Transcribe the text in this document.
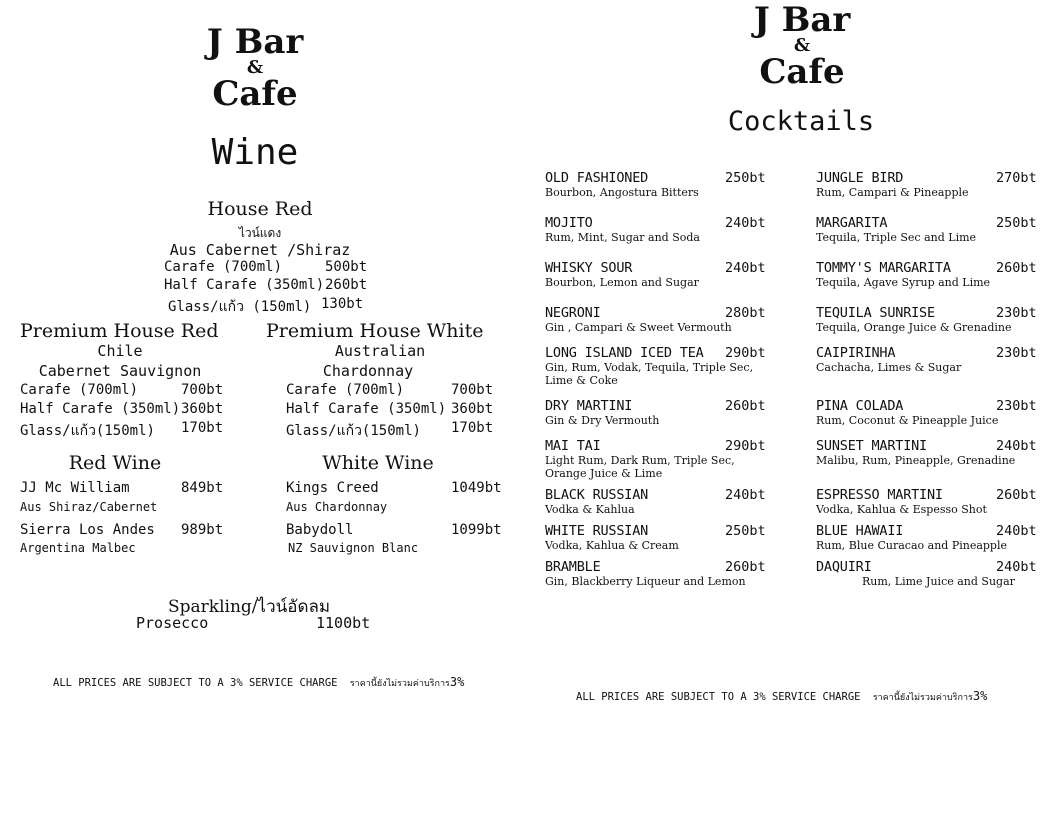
J Bar
&
Cafe
Wine
House Red
ไวน์แดง
Aus Cabernet /Shiraz
Carafe (700ml)	500bt
Half Carafe (350ml) 260bt
Glass/แก้ว (150ml) 130bt
Premium House Red
Chile
Cabernet Sauvignon
Carafe (700ml)	700bt
Half Carafe (350ml) 360bt
Glass/แก้ว(150ml) 170bt
Premium House White
Australian
Chardonnay
Carafe (700ml)	700bt
Half Carafe (350ml) 360bt
Glass/แก้ว(150ml) 170bt
Red Wine
JJ Mc William	849bt
Aus Shiraz/Cabernet
Sierra Los Andes 989bt
Argentina Malbec
White Wine
Kings Creed	1049bt
Aus Chardonnay
Babydoll	1099bt
NZ Sauvignon Blanc
Sparkling/ไวน์อัดลม
Prosecco	1100bt
ALL PRICES ARE SUBJECT TO A 3% SERVICE CHARGE ราคานี้ยังไม่รวมค่าบริการ3%
J Bar
&
Cafe
Cocktails
OLD FASHIONED	250bt
Bourbon, Angostura Bitters
MOJITO	240bt
Rum, Mint, Sugar and Soda
WHISKY SOUR	240bt
Bourbon, Lemon and Sugar
NEGRONI	280bt
Gin , Campari & Sweet Vermouth
LONG ISLAND ICED TEA 290bt
Gin, Rum, Vodak, Tequila, Triple Sec, Lime & Coke
DRY MARTINI	260bt
Gin & Dry Vermouth
MAI TAI	290bt
Light Rum, Dark Rum, Triple Sec, Orange Juice & Lime
BLACK RUSSIAN	240bt
Vodka & Kahlua
WHITE RUSSIAN	250bt
Vodka, Kahlua & Cream
BRAMBLE	260bt
Gin, Blackberry Liqueur and Lemon
JUNGLE BIRD	270bt
Rum, Campari & Pineapple
MARGARITA	250bt
Tequila, Triple Sec and Lime
TOMMY'S MARGARITA	260bt
Tequila, Agave Syrup and Lime
TEQUILA SUNRISE	230bt
Tequila, Orange Juice & Grenadine
CAIPIRINHA	230bt
Cachacha, Limes & Sugar
PINA COLADA	230bt
Rum, Coconut & Pineapple Juice
SUNSET MARTINI	240bt
Malibu, Rum, Pineapple, Grenadine
ESPRESSO MARTINI	260bt
Vodka, Kahlua & Espesso Shot
BLUE HAWAII	240bt
Rum, Blue Curacao and Pineapple
DAQUIRI	240bt
Rum, Lime Juice and Sugar
ALL PRICES ARE SUBJECT TO A 3% SERVICE CHARGE ราคานี้ยังไม่รวมค่าบริการ3%
